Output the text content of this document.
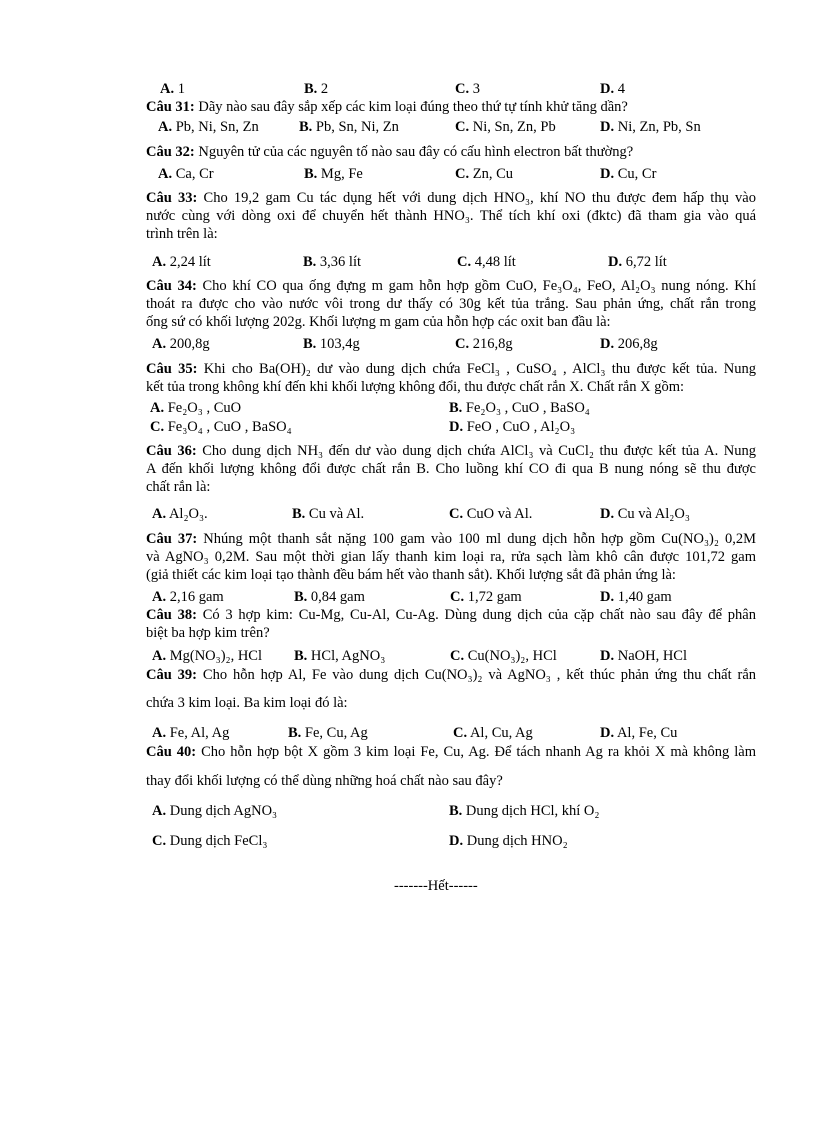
A. 1	B. 2	C. 3	D. 4
Câu 31: Dãy nào sau đây sắp xếp các kim loại đúng theo thứ tự tính khử tăng dần?
A. Pb, Ni, Sn, Zn	B. Pb, Sn, Ni, Zn	C. Ni, Sn, Zn, Pb	D. Ni, Zn, Pb, Sn
Câu 32: Nguyên tử của các nguyên tố nào sau đây có cấu hình electron bất thường?
A. Ca, Cr	B. Mg, Fe	C. Zn, Cu	D. Cu, Cr
Câu 33: Cho 19,2 gam Cu tác dụng hết với dung dịch HNO₃, khí NO thu được đem hấp thụ vào
nước cùng với dòng oxi để chuyển hết thành HNO₃. Thể tích khí oxi (đktc) đã tham gia vào quá
trình trên là:
A. 2,24 lít	B. 3,36 lít	C. 4,48 lít	D. 6,72 lít
Câu 34: Cho khí CO qua ống đựng m gam hỗn hợp gồm CuO, Fe₃O₄, FeO, Al₂O₃ nung nóng. Khí
thoát ra được cho vào nước vôi trong dư thấy có 30g kết tủa trắng. Sau phản ứng, chất rắn trong
ống sứ có khối lượng 202g. Khối lượng m gam của hỗn hợp các oxit ban đầu là:
A. 200,8g	B. 103,4g	C. 216,8g	D. 206,8g
Câu 35: Khi cho Ba(OH)₂ dư vào dung dịch chứa FeCl₃ , CuSO₄ , AlCl₃ thu được kết tủa. Nung
kết tủa trong không khí đến khi khối lượng không đổi, thu được chất rắn X. Chất rắn X gồm:
A. Fe₂O₃ , CuO	B. Fe₂O₃ , CuO , BaSO₄
C. Fe₃O₄ , CuO , BaSO₄	D. FeO , CuO , Al₂O₃
Câu 36: Cho dung dịch NH₃ đến dư vào dung dịch chứa AlCl₃ và CuCl₂ thu được kết tủa A. Nung
A đến khối lượng không đổi được chất rắn B. Cho luồng khí CO đi qua B nung nóng sẽ thu được
chất rắn là:
A. Al₂O₃.	B. Cu và Al.	C. CuO và Al.	D. Cu và Al₂O₃
Câu 37: Nhúng một thanh sắt nặng 100 gam vào 100 ml dung dịch hỗn hợp gồm Cu(NO₃)₂ 0,2M
và AgNO₃ 0,2M. Sau một thời gian lấy thanh kim loại ra, rửa sạch làm khô cân được 101,72 gam
(giả thiết các kim loại tạo thành đều bám hết vào thanh sắt). Khối lượng sắt đã phản ứng là:
A. 2,16 gam	B. 0,84 gam	C. 1,72 gam	D. 1,40 gam
Câu 38: Có 3 hợp kim: Cu-Mg, Cu-Al, Cu-Ag. Dùng dung dịch của cặp chất nào sau đây để phân
biệt ba hợp kim trên?
A. Mg(NO₃)₂, HCl B. HCl, AgNO₃	C. Cu(NO₃)₂, HCl	D. NaOH, HCl
Câu 39: Cho hỗn hợp Al, Fe vào dung dịch Cu(NO₃)₂ và AgNO₃ , kết thúc phản ứng thu chất rắn
chứa 3 kim loại. Ba kim loại đó là:
A. Fe, Al, Ag	B. Fe, Cu, Ag	C. Al, Cu, Ag	D. Al, Fe, Cu
Câu 40: Cho hỗn hợp bột X gồm 3 kim loại Fe, Cu, Ag. Để tách nhanh Ag ra khỏi X mà không làm
thay đổi khối lượng có thể dùng những hoá chất nào sau đây?
A. Dung dịch AgNO₃	B. Dung dịch HCl, khí O₂
C. Dung dịch FeCl₃	D. Dung dịch HNO₂
-------Hết------
